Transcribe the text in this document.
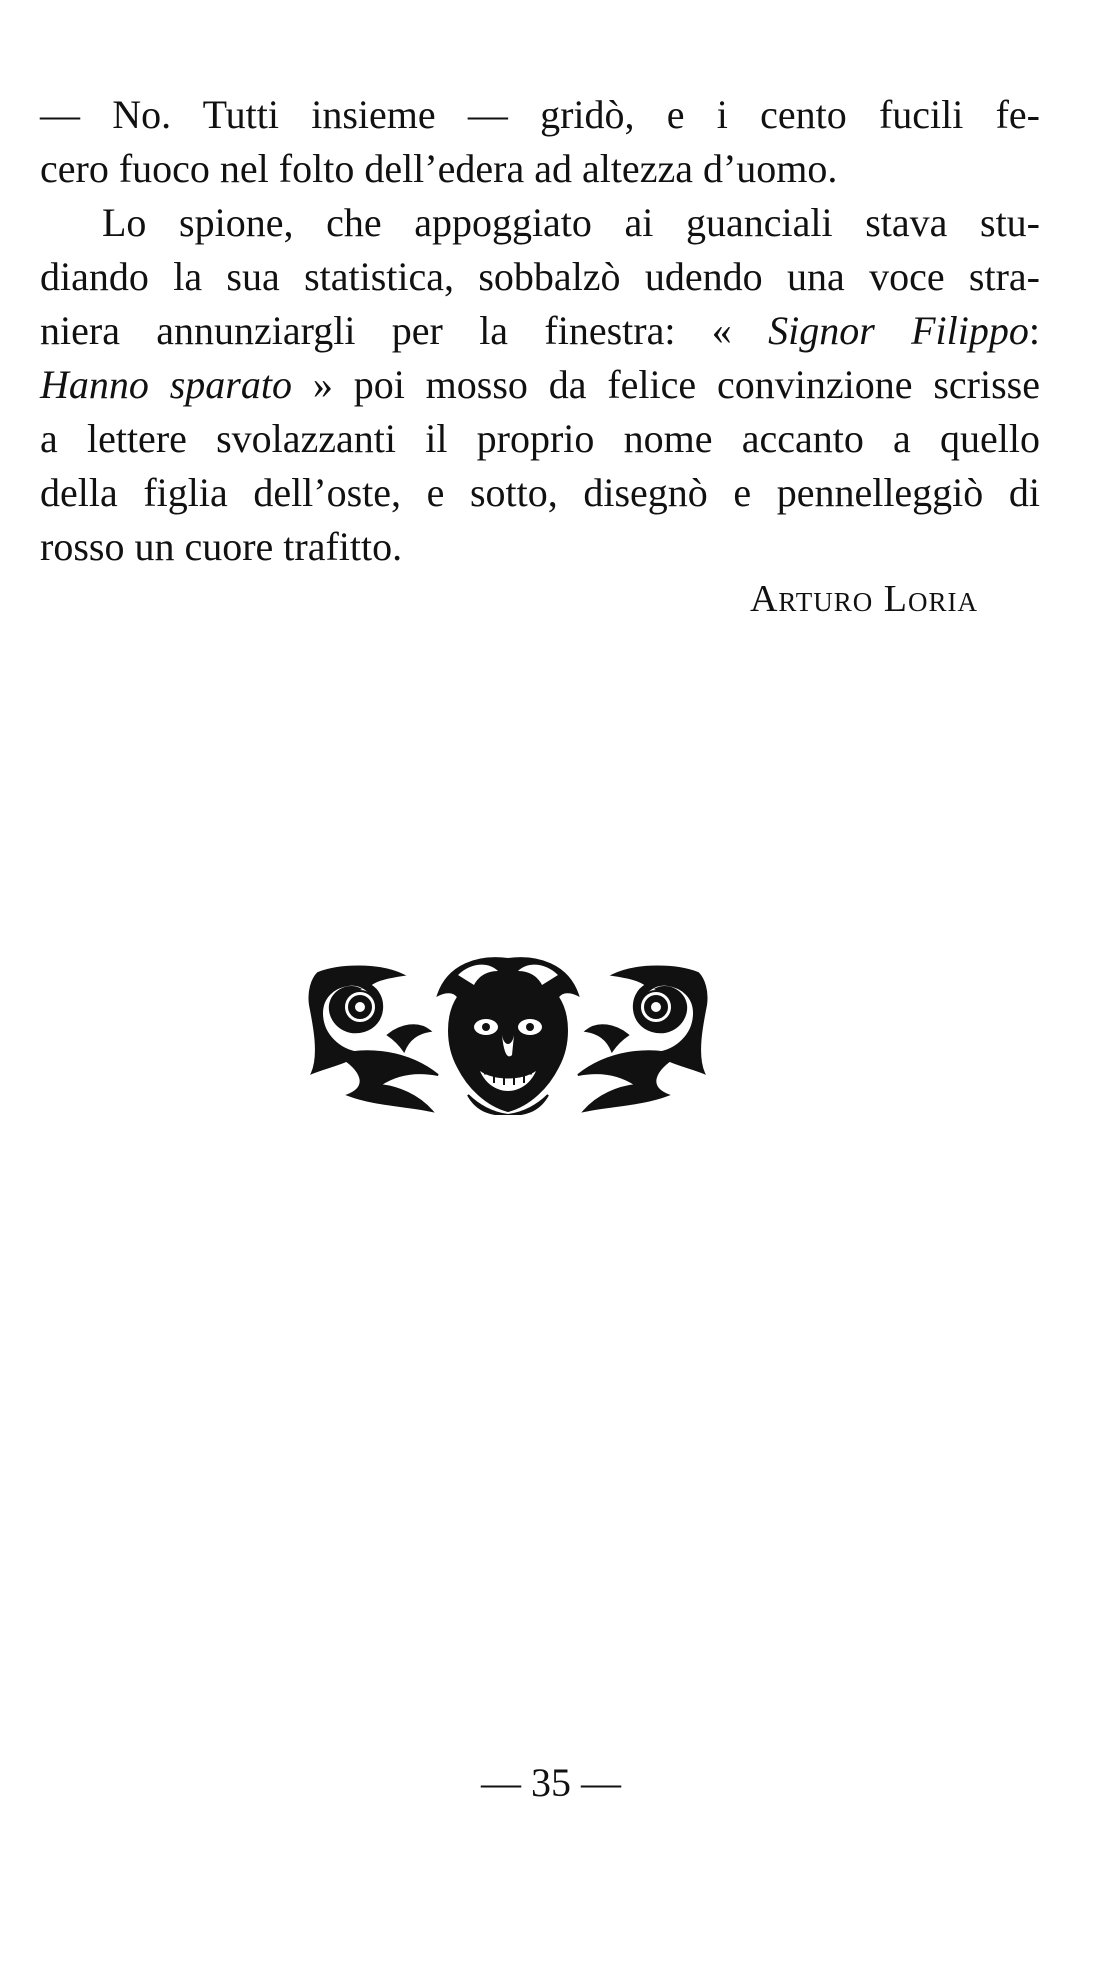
— No. Tutti insieme — gridò, e i cento fucili fe-
cero fuoco nel folto dell’edera ad altezza d’uomo.
Lo spione, che appoggiato ai guanciali stava stu-
diando la sua statistica, sobbalzò udendo una voce stra-
niera annunziargli per la finestra: « Signor Filippo:
Hanno sparato » poi mosso da felice convinzione scrisse
a lettere svolazzanti il proprio nome accanto a quello
della figlia dell’oste, e sotto, disegnò e pennelleggiò di
rosso un cuore trafitto.
Arturo Loria
— 35 —
